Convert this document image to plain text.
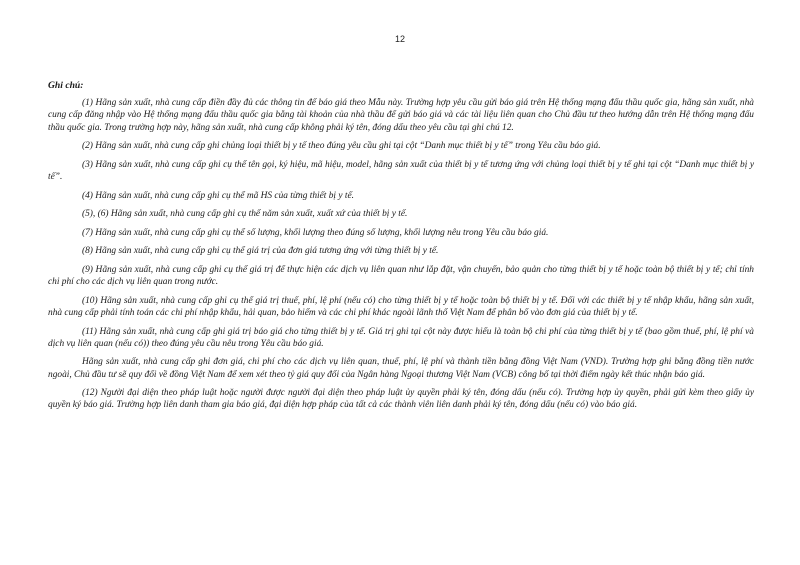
12
Ghi chú:

(1) Hãng sản xuất, nhà cung cấp điền đầy đủ các thông tin để báo giá theo Mẫu này. Trường hợp yêu cầu gửi báo giá trên Hệ thống mạng đấu thầu quốc gia, hãng sản xuất, nhà cung cấp đăng nhập vào Hệ thống mạng đấu thầu quốc gia bằng tài khoản của nhà thầu để gửi báo giá và các tài liệu liên quan cho Chủ đầu tư theo hướng dẫn trên Hệ thống mạng đấu thầu quốc gia. Trong trường hợp này, hãng sản xuất, nhà cung cấp không phải ký tên, đóng dấu theo yêu cầu tại ghi chú 12.

(2) Hãng sản xuất, nhà cung cấp ghi chủng loại thiết bị y tế theo đúng yêu cầu ghi tại cột “Danh mục thiết bị y tế” trong Yêu cầu báo giá.

(3) Hãng sản xuất, nhà cung cấp ghi cụ thể tên gọi, ký hiệu, mã hiệu, model, hãng sản xuất của thiết bị y tế tương ứng với chủng loại thiết bị y tế ghi tại cột “Danh mục thiết bị y tế”.

(4) Hãng sản xuất, nhà cung cấp ghi cụ thể mã HS của từng thiết bị y tế.

(5), (6) Hãng sản xuất, nhà cung cấp ghi cụ thể năm sản xuất, xuất xứ của thiết bị y tế.

(7) Hãng sản xuất, nhà cung cấp ghi cụ thể số lượng, khối lượng theo đúng số lượng, khối lượng nêu trong Yêu cầu báo giá.

(8) Hãng sản xuất, nhà cung cấp ghi cụ thể giá trị của đơn giá tương ứng với từng thiết bị y tế.

(9) Hãng sản xuất, nhà cung cấp ghi cụ thể giá trị để thực hiện các dịch vụ liên quan như lắp đặt, vận chuyển, bảo quản cho từng thiết bị y tế hoặc toàn bộ thiết bị y tế; chỉ tính chi phí cho các dịch vụ liên quan trong nước.

(10) Hãng sản xuất, nhà cung cấp ghi cụ thể giá trị thuế, phí, lệ phí (nếu có) cho từng thiết bị y tế hoặc toàn bộ thiết bị y tế. Đối với các thiết bị y tế nhập khẩu, hãng sản xuất, nhà cung cấp phải tính toán các chi phí nhập khẩu, hải quan, bảo hiểm và các chi phí khác ngoài lãnh thổ Việt Nam để phân bổ vào đơn giá của thiết bị y tế.

(11) Hãng sản xuất, nhà cung cấp ghi giá trị báo giá cho từng thiết bị y tế. Giá trị ghi tại cột này được hiểu là toàn bộ chi phí của từng thiết bị y tế (bao gồm thuế, phí, lệ phí và dịch vụ liên quan (nếu có)) theo đúng yêu cầu nêu trong Yêu cầu báo giá.

Hãng sản xuất, nhà cung cấp ghi đơn giá, chi phí cho các dịch vụ liên quan, thuế, phí, lệ phí và thành tiền bằng đồng Việt Nam (VND). Trường hợp ghi bằng đồng tiền nước ngoài, Chủ đầu tư sẽ quy đổi về đồng Việt Nam để xem xét theo tỷ giá quy đổi của Ngân hàng Ngoại thương Việt Nam (VCB) công bố tại thời điểm ngày kết thúc nhận báo giá.

(12) Người đại diện theo pháp luật hoặc người được người đại diện theo pháp luật ủy quyền phải ký tên, đóng dấu (nếu có). Trường hợp ủy quyền, phải gửi kèm theo giấy ủy quyền ký báo giá. Trường hợp liên danh tham gia báo giá, đại diện hợp pháp của tất cả các thành viên liên danh phải ký tên, đóng dấu (nếu có) vào báo giá.
